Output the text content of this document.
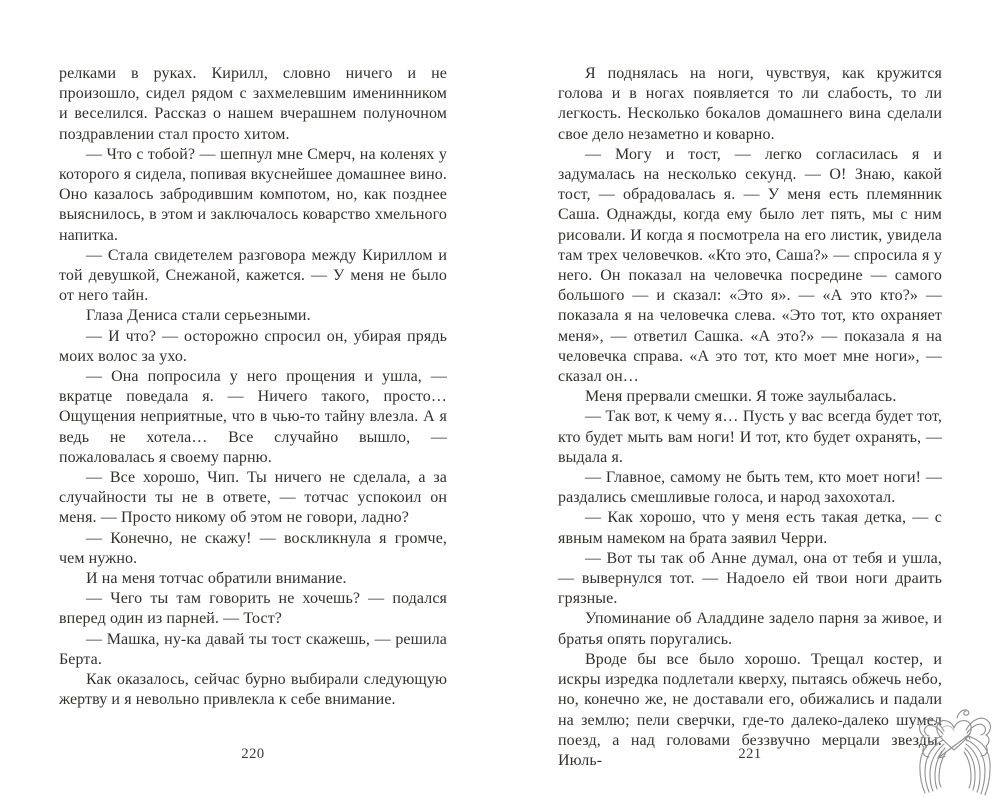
релками в руках. Кирилл, словно ничего и не произошло, сидел рядом с захмелевшим именинником и веселился. Рассказ о нашем вчерашнем полуночном поздравлении стал просто хитом.

— Что с тобой? — шепнул мне Смерч, на коленях у которого я сидела, попивая вкуснейшее домашнее вино. Оно казалось забродившим компотом, но, как позднее выяснилось, в этом и заключалось коварство хмельного напитка.

— Стала свидетелем разговора между Кириллом и той девушкой, Снежаной, кажется. — У меня не было от него тайн.

Глаза Дениса стали серьезными.

— И что? — осторожно спросил он, убирая прядь моих волос за ухо.

— Она попросила у него прощения и ушла, — вкратце поведала я. — Ничего такого, просто… Ощущения неприятные, что в чью-то тайну влезла. А я ведь не хотела… Все случайно вышло, — пожаловалась я своему парню.

— Все хорошо, Чип. Ты ничего не сделала, а за случайности ты не в ответе, — тотчас успокоил он меня. — Просто никому об этом не говори, ладно?

— Конечно, не скажу! — воскликнула я громче, чем нужно.

И на меня тотчас обратили внимание.

— Чего ты там говорить не хочешь? — подался вперед один из парней. — Тост?

— Машка, ну-ка давай ты тост скажешь, — решила Берта.

Как оказалось, сейчас бурно выбирали следующую жертву и я невольно привлекла к себе внимание.

Я поднялась на ноги, чувствуя, как кружится голова и в ногах появляется то ли слабость, то ли легкость. Несколько бокалов домашнего вина сделали свое дело незаметно и коварно.

— Могу и тост, — легко согласилась я и задумалась на несколько секунд. — О! Знаю, какой тост, — обрадовалась я. — У меня есть племянник Саша. Однажды, когда ему было лет пять, мы с ним рисовали. И когда я посмотрела на его листик, увидела там трех человечков. «Кто это, Саша?» — спросила я у него. Он показал на человечка посредине — самого большого — и сказал: «Это я». — «А это кто?» — показала я на человечка слева. «Это тот, кто охраняет меня», — ответил Сашка. «А это?» — показала я на человечка справа. «А это тот, кто моет мне ноги», — сказал он…

Меня прервали смешки. Я тоже заулыбалась.

— Так вот, к чему я… Пусть у вас всегда будет тот, кто будет мыть вам ноги! И тот, кто будет охранять, — выдала я.

— Главное, самому не быть тем, кто моет ноги! — раздались смешливые голоса, и народ захохотал.

— Как хорошо, что у меня есть такая детка, — с явным намеком на брата заявил Черри.

— Вот ты так об Анне думал, она от тебя и ушла, — вывернулся тот. — Надоело ей твои ноги драить грязные.

Упоминание об Аладдине задело парня за живое, и братья опять поругались.

Вроде бы все было хорошо. Трещал костер, и искры изредка подлетали кверху, пытаясь обжечь небо, но, конечно же, не доставали его, обижались и падали на землю; пели сверчки, где-то далеко-далеко шумел поезд, а над головами беззвучно мерцали звезды. Июль-

220	221
